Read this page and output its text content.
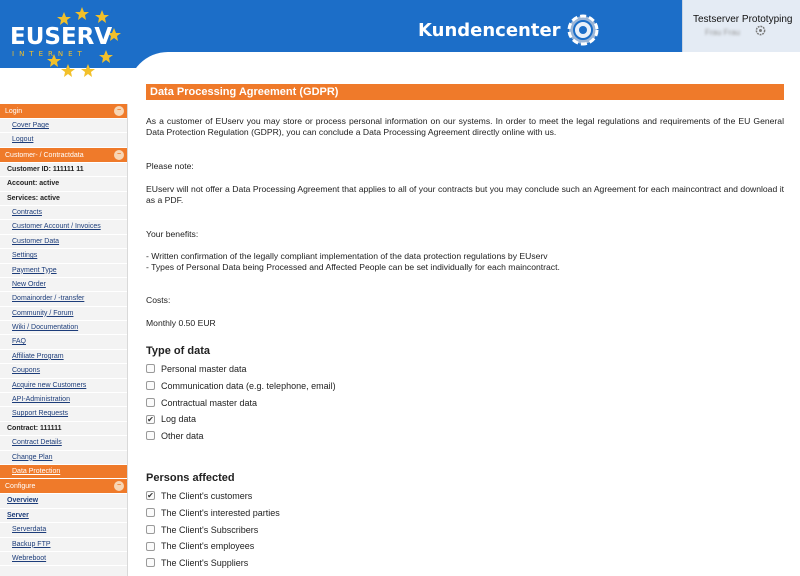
EUSERV
INTERNET
Kundencenter
Testserver Prototyping
Frau Frau
Login	−
Cover Page
Logout
Customer- / Contractdata	−
Customer ID: 111111 11
Account: active
Services: active
Contracts
Customer Account / Invoices
Customer Data
Settings
Payment Type
New Order
Domainorder / -transfer
Community / Forum
Wiki / Documentation
FAQ
Affiliate Program
Coupons
Acquire new Customers
API-Administration
Support Requests
Contract: 111111
Contract Details
Change Plan
Data Protection
Configure	−
Overview
Server
Serverdata
Backup FTP
Webreboot
Data Processing Agreement (GDPR)
As a customer of EUserv you may store or process personal information on our systems. In order to meet the legal regulations and requirements of the EU General Data Protection Regulation (GDPR), you can conclude a Data Processing Agreement directly online with us.
Please note:
EUserv will not offer a Data Processing Agreement that applies to all of your contracts but you may conclude such an Agreement for each maincontract and download it as a PDF.
Your benefits:
- Written confirmation of the legally compliant implementation of the data protection regulations by EUserv
- Types of Personal Data being Processed and Affected People can be set individually for each maincontract.
Costs:
Monthly 0.50 EUR
Type of data
Personal master data
Communication data (e.g. telephone, email)
Contractual master data
✔ Log data
Other data
Persons affected
✔ The Client's customers
The Client's interested parties
The Client's Subscribers
The Client's employees
The Client's Suppliers
